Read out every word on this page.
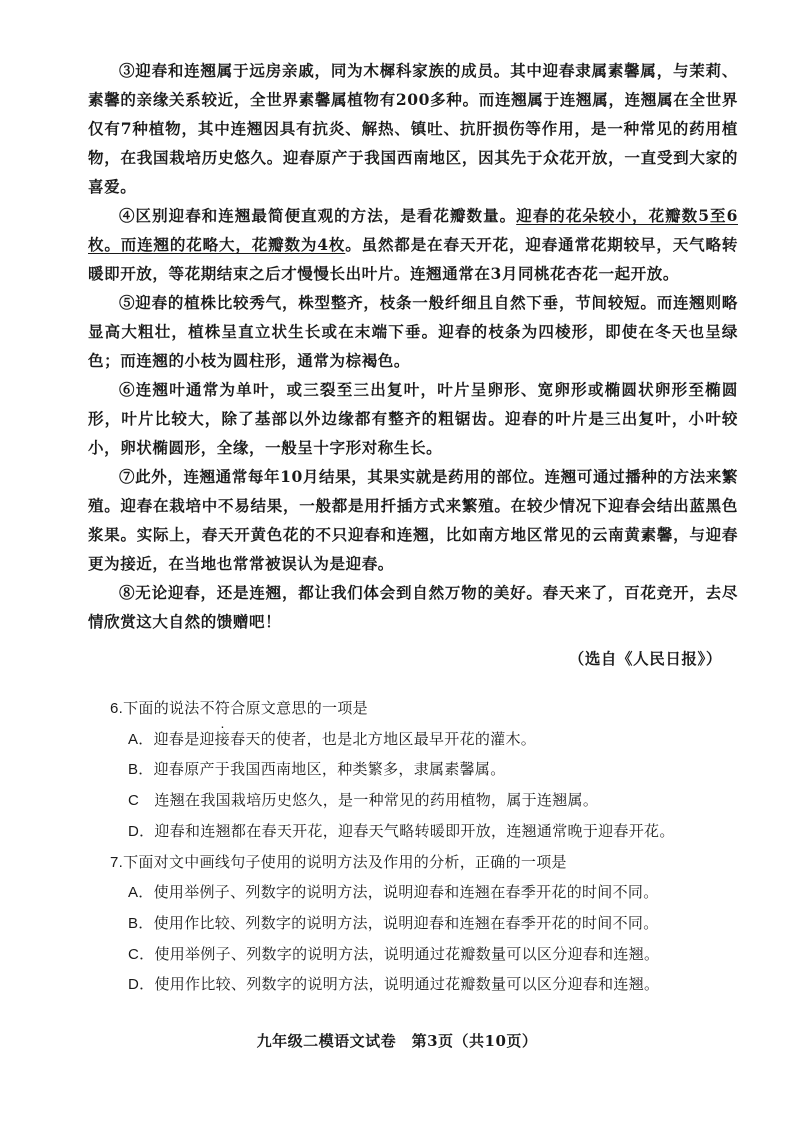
③迎春和连翘属于远房亲戚，同为木樨科家族的成员。其中迎春隶属素馨属，与茉莉、素馨的亲缘关系较近，全世界素馨属植物有200多种。而连翘属于连翘属，连翘属在全世界仅有7种植物，其中连翘因具有抗炎、解热、镇吐、抗肝损伤等作用，是一种常见的药用植物，在我国栽培历史悠久。迎春原产于我国西南地区，因其先于众花开放，一直受到大家的喜爱。

④区别迎春和连翘最简便直观的方法，是看花瓣数量。迎春的花朵较小，花瓣数5至6枚。而连翘的花略大，花瓣数为4枚。虽然都是在春天开花，迎春通常花期较早，天气略转暖即开放，等花期结束之后才慢慢长出叶片。连翘通常在3月同桃花杏花一起开放。

⑤迎春的植株比较秀气，株型整齐，枝条一般纤细且自然下垂，节间较短。而连翘则略显高大粗壮，植株呈直立状生长或在末端下垂。迎春的枝条为四棱形，即使在冬天也呈绿色；而连翘的小枝为圆柱形，通常为棕褐色。

⑥连翘叶通常为单叶，或三裂至三出复叶，叶片呈卵形、宽卵形或椭圆状卵形至椭圆形，叶片比较大，除了基部以外边缘都有整齐的粗锯齿。迎春的叶片是三出复叶，小叶较小，卵状椭圆形，全缘，一般呈十字形对称生长。

⑦此外，连翘通常每年10月结果，其果实就是药用的部位。连翘可通过播种的方法来繁殖。迎春在栽培中不易结果，一般都是用扦插方式来繁殖。在较少情况下迎春会结出蓝黑色浆果。实际上，春天开黄色花的不只迎春和连翘，比如南方地区常见的云南黄素馨，与迎春更为接近，在当地也常常被误认为是迎春。

⑧无论迎春，还是连翘，都让我们体会到自然万物的美好。春天来了，百花竞开，去尽情欣赏这大自然的馈赠吧！

（选自《人民日报》）

6.下面的说法不符合原文意思的一项是

A．迎春是迎接春天的使者，也是北方地区最早开花的灌木。

B．迎春原产于我国西南地区，种类繁多，隶属素馨属。

C　连翘在我国栽培历史悠久，是一种常见的药用植物，属于连翘属。

D．迎春和连翘都在春天开花，迎春天气略转暖即开放，连翘通常晚于迎春开花。

7.下面对文中画线句子使用的说明方法及作用的分析，正确的一项是

A．使用举例子、列数字的说明方法，说明迎春和连翘在春季开花的时间不同。

B．使用作比较、列数字的说明方法，说明迎春和连翘在春季开花的时间不同。

C．使用举例子、列数字的说明方法，说明通过花瓣数量可以区分迎春和连翘。

D．使用作比较、列数字的说明方法，说明通过花瓣数量可以区分迎春和连翘。

九年级二模语文试卷　第3页（共10页）
